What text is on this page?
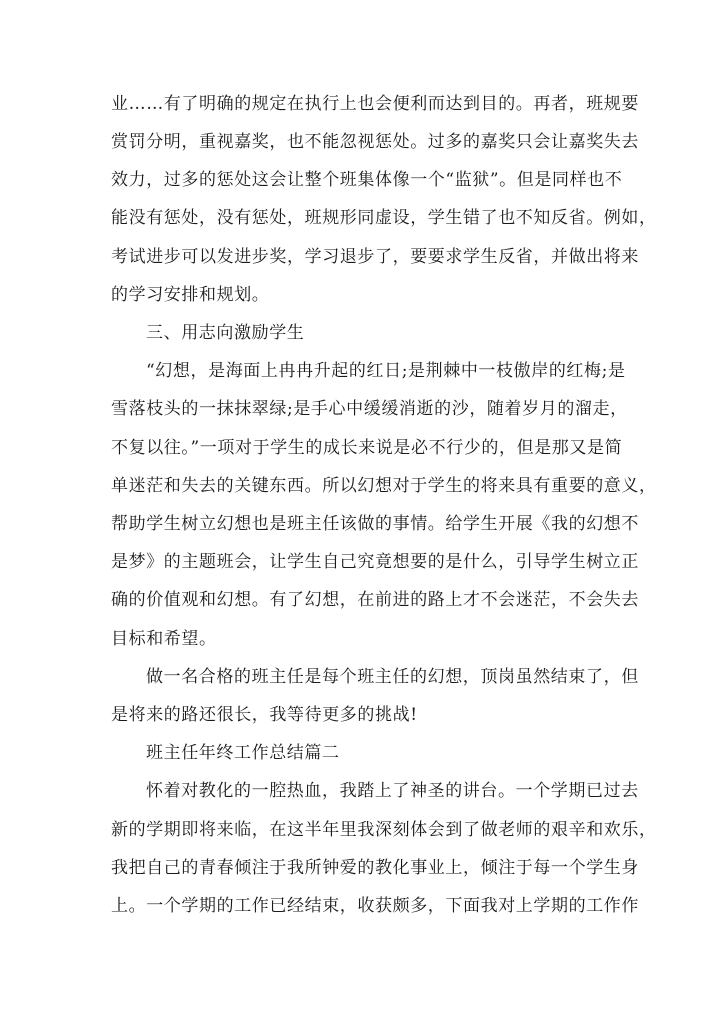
业……有了明确的规定在执行上也会便利而达到目的。再者，班规要
赏罚分明，重视嘉奖，也不能忽视惩处。过多的嘉奖只会让嘉奖失去
效力，过多的惩处这会让整个班集体像一个“监狱”。但是同样也不
能没有惩处，没有惩处，班规形同虚设，学生错了也不知反省。例如，
考试进步可以发进步奖，学习退步了，要要求学生反省，并做出将来
的学习安排和规划。
三、用志向激励学生
“幻想，是海面上冉冉升起的红日;是荆棘中一枝傲岸的红梅;是
雪落枝头的一抹抹翠绿;是手心中缓缓消逝的沙，随着岁月的溜走，
不复以往。”一项对于学生的成长来说是必不行少的，但是那又是简
单迷茫和失去的关键东西。所以幻想对于学生的将来具有重要的意义，
帮助学生树立幻想也是班主任该做的事情。给学生开展《我的幻想不
是梦》的主题班会，让学生自己究竟想要的是什么，引导学生树立正
确的价值观和幻想。有了幻想，在前进的路上才不会迷茫，不会失去
目标和希望。
做一名合格的班主任是每个班主任的幻想，顶岗虽然结束了，但
是将来的路还很长，我等待更多的挑战!
班主任年终工作总结篇二
怀着对教化的一腔热血，我踏上了神圣的讲台。一个学期已过去
新的学期即将来临，在这半年里我深刻体会到了做老师的艰辛和欢乐，
我把自己的青春倾注于我所钟爱的教化事业上，倾注于每一个学生身
上。一个学期的工作已经结束，收获颇多，下面我对上学期的工作作
